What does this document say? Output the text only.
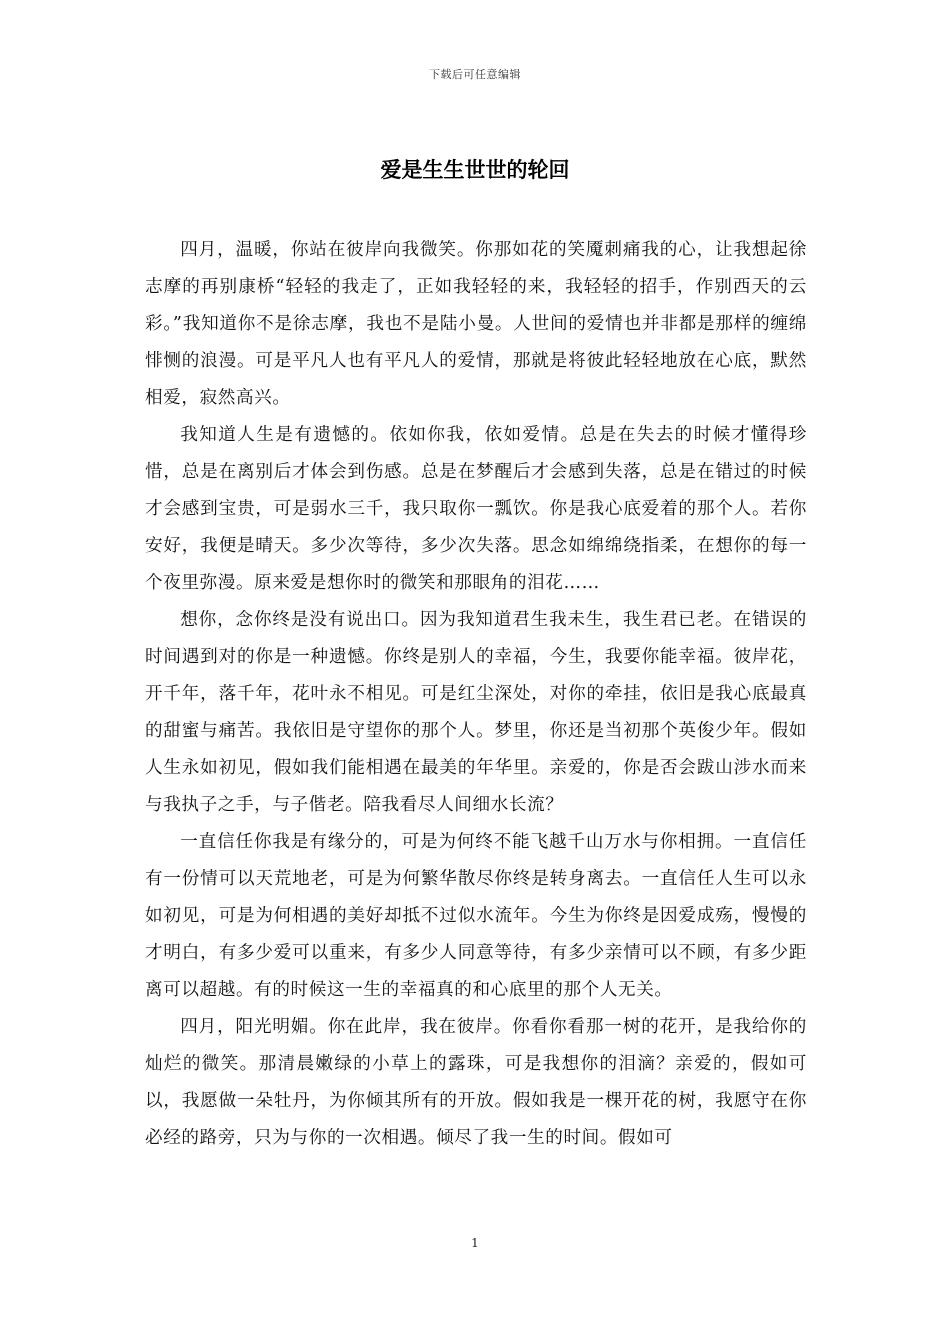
下载后可任意编辑
爱是生生世世的轮回

四月，温暖，你站在彼岸向我微笑。你那如花的笑魇刺痛我的心，让我想起徐志摩的再别康桥“轻轻的我走了，正如我轻轻的来，我轻轻的招手，作别西天的云彩。”我知道你不是徐志摩，我也不是陆小曼。人世间的爱情也并非都是那样的缠绵悱恻的浪漫。可是平凡人也有平凡人的爱情，那就是将彼此轻轻地放在心底，默然相爱，寂然高兴。

我知道人生是有遗憾的。依如你我，依如爱情。总是在失去的时候才懂得珍惜，总是在离别后才体会到伤感。总是在梦醒后才会感到失落，总是在错过的时候才会感到宝贵，可是弱水三千，我只取你一瓢饮。你是我心底爱着的那个人。若你安好，我便是晴天。多少次等待，多少次失落。思念如绵绵绕指柔，在想你的每一个夜里弥漫。原来爱是想你时的微笑和那眼角的泪花……

想你，念你终是没有说出口。因为我知道君生我未生，我生君已老。在错误的时间遇到对的你是一种遗憾。你终是别人的幸福，今生，我要你能幸福。彼岸花，开千年，落千年，花叶永不相见。可是红尘深处，对你的牵挂，依旧是我心底最真的甜蜜与痛苦。我依旧是守望你的那个人。梦里，你还是当初那个英俊少年。假如人生永如初见，假如我们能相遇在最美的年华里。亲爱的，你是否会跋山涉水而来与我执子之手，与子偕老。陪我看尽人间细水长流？

一直信任你我是有缘分的，可是为何终不能飞越千山万水与你相拥。一直信任有一份情可以天荒地老，可是为何繁华散尽你终是转身离去。一直信任人生可以永如初见，可是为何相遇的美好却抵不过似水流年。今生为你终是因爱成殇，慢慢的才明白，有多少爱可以重来，有多少人同意等待，有多少亲情可以不顾，有多少距离可以超越。有的时候这一生的幸福真的和心底里的那个人无关。

四月，阳光明媚。你在此岸，我在彼岸。你看你看那一树的花开，是我给你的灿烂的微笑。那清晨嫩绿的小草上的露珠，可是我想你的泪滴？亲爱的，假如可以，我愿做一朵牡丹，为你倾其所有的开放。假如我是一棵开花的树，我愿守在你必经的路旁，只为与你的一次相遇。倾尽了我一生的时间。假如可

1
